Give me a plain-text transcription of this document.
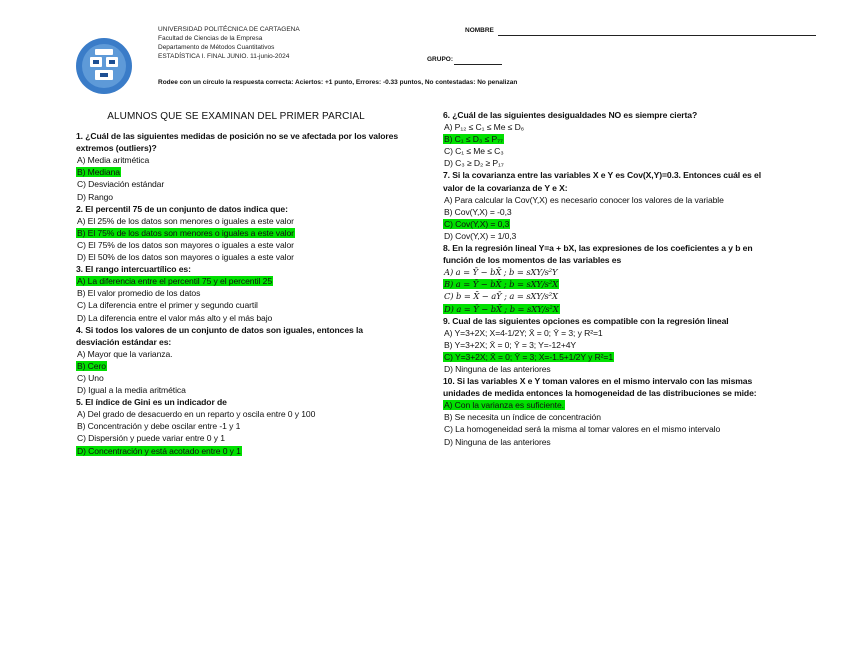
UNIVERSIDAD POLITÉCNICA DE CARTAGENA
Facultad de Ciencias de la Empresa
Departamento de Métodos Cuantitativos
ESTADÍSTICA I. FINAL JUNIO. 11-junio-2024
NOMBRE
GRUPO:
Rodee con un círculo la respuesta correcta: Aciertos: +1 punto, Errores: -0.33 puntos, No contestadas: No penalizan
ALUMNOS QUE SE EXAMINAN DEL PRIMER PARCIAL
1. ¿Cuál de las siguientes medidas de posición no se ve afectada por los valores extremos (outliers)?
A) Media aritmética
B) Mediana
C) Desviación estándar
D) Rango
2. El percentil 75 de un conjunto de datos indica que:
A) El 25% de los datos son menores o iguales a este valor
B) El 75% de los datos son menores o iguales a este valor
C) El 75% de los datos son mayores o iguales a este valor
D) El 50% de los datos son mayores o iguales a este valor
3. El rango intercuartílico es:
A) La diferencia entre el percentil 75 y el percentil 25
B) El valor promedio de los datos
C) La diferencia entre el primer y segundo cuartil
D) La diferencia entre el valor más alto y el más bajo
4. Si todos los valores de un conjunto de datos son iguales, entonces la desviación estándar es:
A) Mayor que la varianza.
B) Cero
C) Uno
D) Igual a la media aritmética
5. El índice de Gini es un indicador de
A) Del grado de desacuerdo en un reparto y oscila entre 0 y 100
B) Concentración y debe oscilar entre -1 y 1
C) Dispersión y puede variar entre 0 y 1
D) Concentración y está acotado entre 0 y 1
6. ¿Cuál de las siguientes desigualdades NO es siempre cierta?
A) P₁₂ ≤ C₁ ≤ Me ≤ D₆
B) C₁ ≤ D₃ ≤ P₇₇
C) C₁ ≤ Me ≤ C₃
D) C₃ ≥ D₂ ≥ P₁₇
7. Si la covarianza entre las variables X e Y es Cov(X,Y)=0.3. Entonces cuál es el valor de la covarianza de Y e X:
A) Para calcular la Cov(Y,X) es necesario conocer los valores de la variable
B) Cov(Y,X) = -0,3
C) Cov(Y,X) = 0,3
D) Cov(Y,X) = 1/0,3
8. En la regresión lineal Y=a + bX, las expresiones de los coeficientes a y b en función de los momentos de las variables es
A) a = Ȳ − bX̄ ; b = sXY/s²Y
B) a = Ȳ − bX̄ ; b = sXY/s²X
C) b = X̄ − aȲ ; a = sXY/s²X
D) a = Ȳ − bX̄ ; b = sXY/s²X
9. Cual de las siguientes opciones es compatible con la regresión lineal
A) Y=3+2X; X=4-1/2Y; X̄ = 0; Ȳ = 3; y R²=1
B) Y=3+2X; X̄ = 0; Ȳ = 3; Y=-12+4Y
C) Y=3+2X; X̄ = 0; Ȳ = 3; X=-1.5+1/2Y y R²=1
D) Ninguna de las anteriores
10. Si las variables X e Y toman valores en el mismo intervalo con las mismas unidades de medida entonces la homogeneidad de las distribuciones se mide:
A) Con la varianza es suficiente.
B) Se necesita un índice de concentración
C) La homogeneidad será la misma al tomar valores en el mismo intervalo
D) Ninguna de las anteriores
